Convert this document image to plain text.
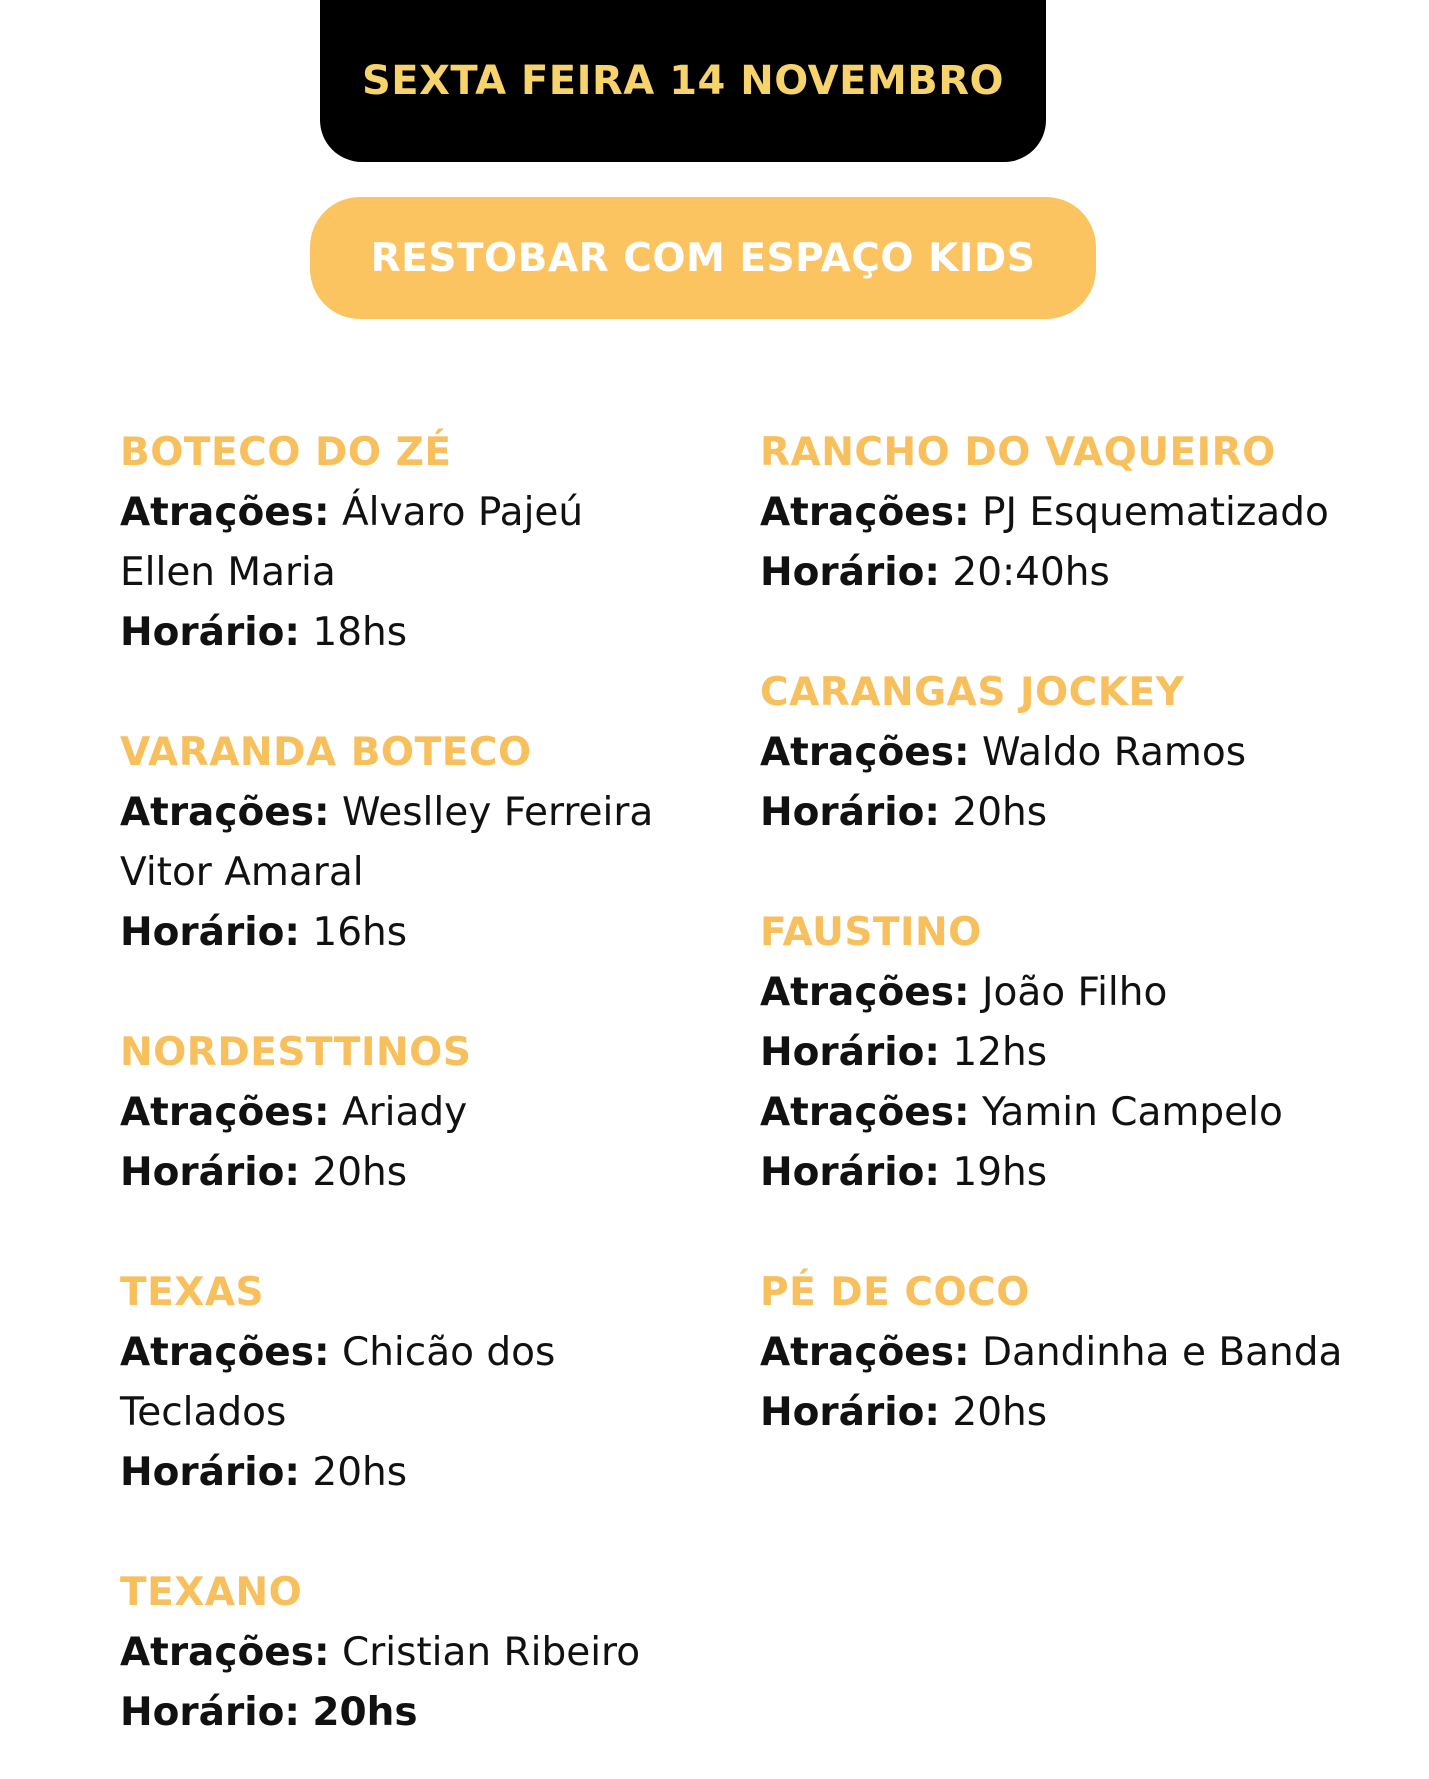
SEXTA FEIRA 14 NOVEMBRO
RESTOBAR COM ESPAÇO KIDS
BOTECO DO ZÉ
Atrações: Álvaro Pajeú
Ellen Maria
Horário: 18hs
VARANDA BOTECO
Atrações: Weslley Ferreira
Vitor Amaral
Horário: 16hs
NORDESTTINOS
Atrações: Ariady
Horário: 20hs
TEXAS
Atrações: Chicão dos
Teclados
Horário: 20hs
TEXANO
Atrações: Cristian Ribeiro
Horário: 20hs
RANCHO DO VAQUEIRO
Atrações: PJ Esquematizado
Horário: 20:40hs
CARANGAS JOCKEY
Atrações: Waldo Ramos
Horário: 20hs
FAUSTINO
Atrações: João Filho
Horário: 12hs
Atrações: Yamin Campelo
Horário: 19hs
PÉ DE COCO
Atrações: Dandinha e Banda
Horário: 20hs
